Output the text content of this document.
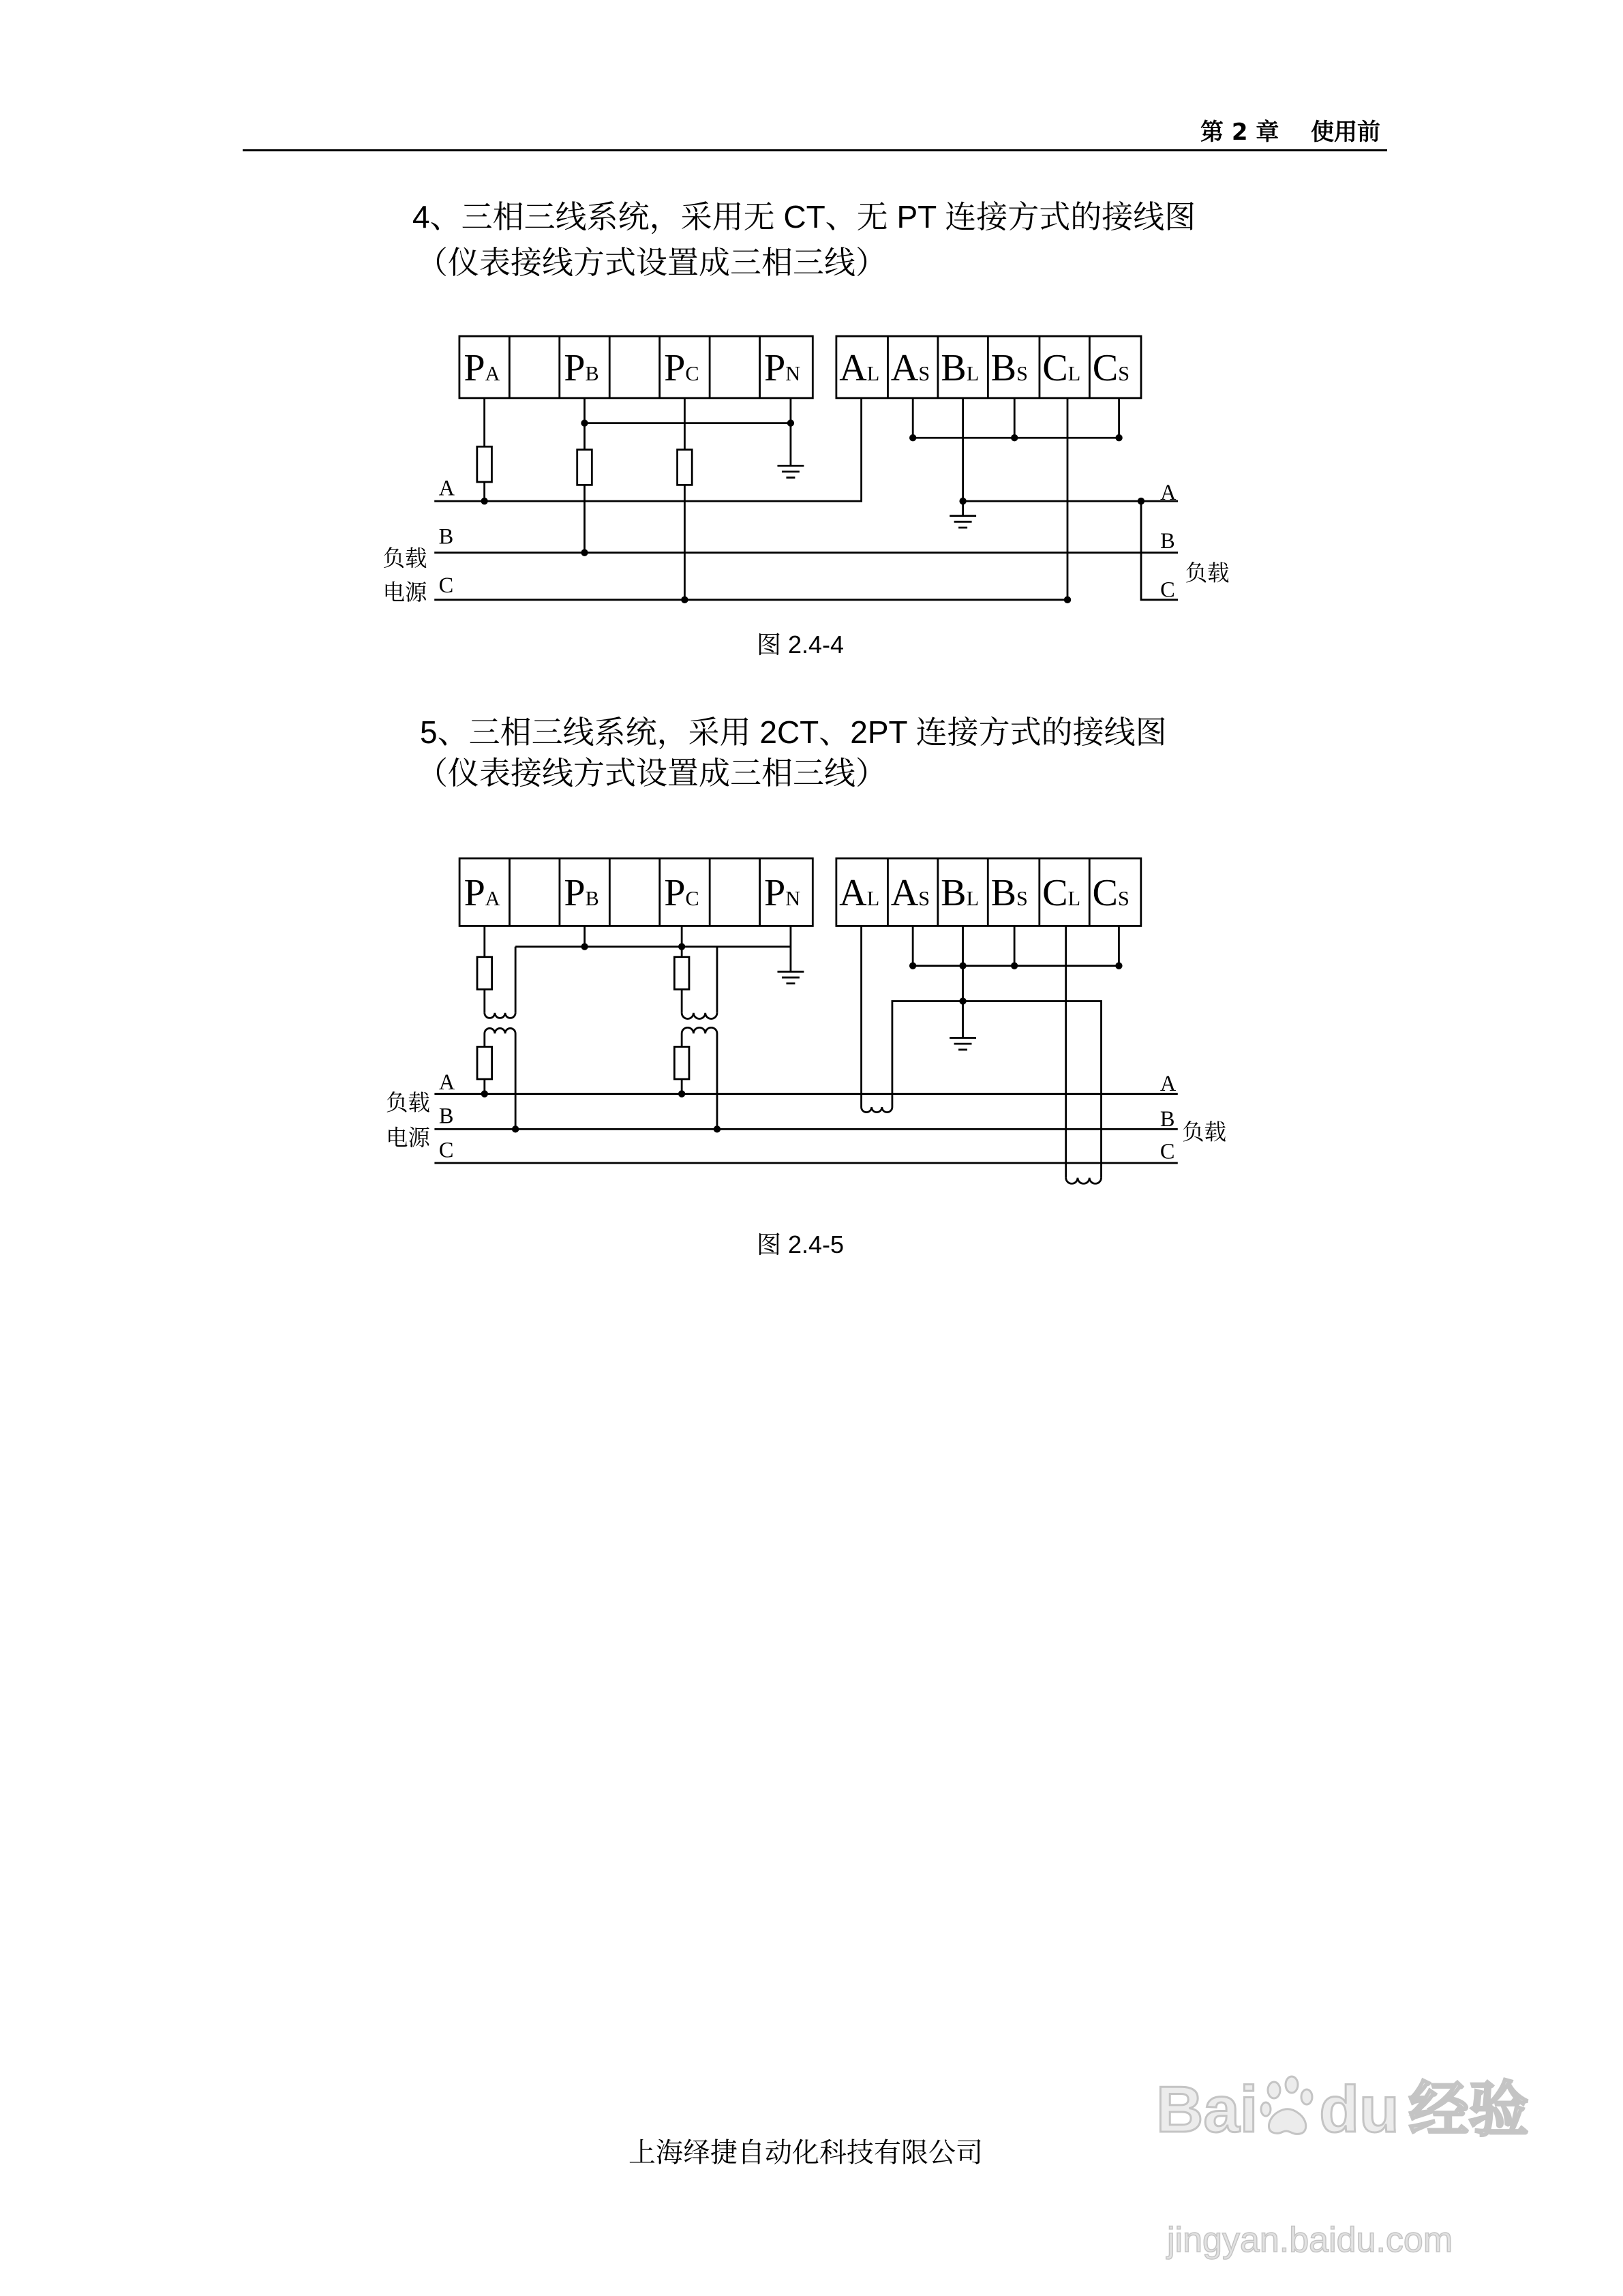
第 2 章 使用前
4、三相三线系统，采用无 CT、无 PT 连接方式的接线图
（仪表接线方式设置成三相三线）
PA	PB	PC	PN AL AS BL BS CL CS
A
B
C
负载
电源
A
B
C
负载
图 2.4-4
5、三相三线系统，采用 2CT、2PT 连接方式的接线图
（仪表接线方式设置成三相三线）
PA	PB	PC	PN AL AS BL BS CL CS
A
B
C
负载
电源
A
B
C
负载
图 2.4-5
上海绎捷自动化科技有限公司
Bai du 经验
jingyan.baidu.com
